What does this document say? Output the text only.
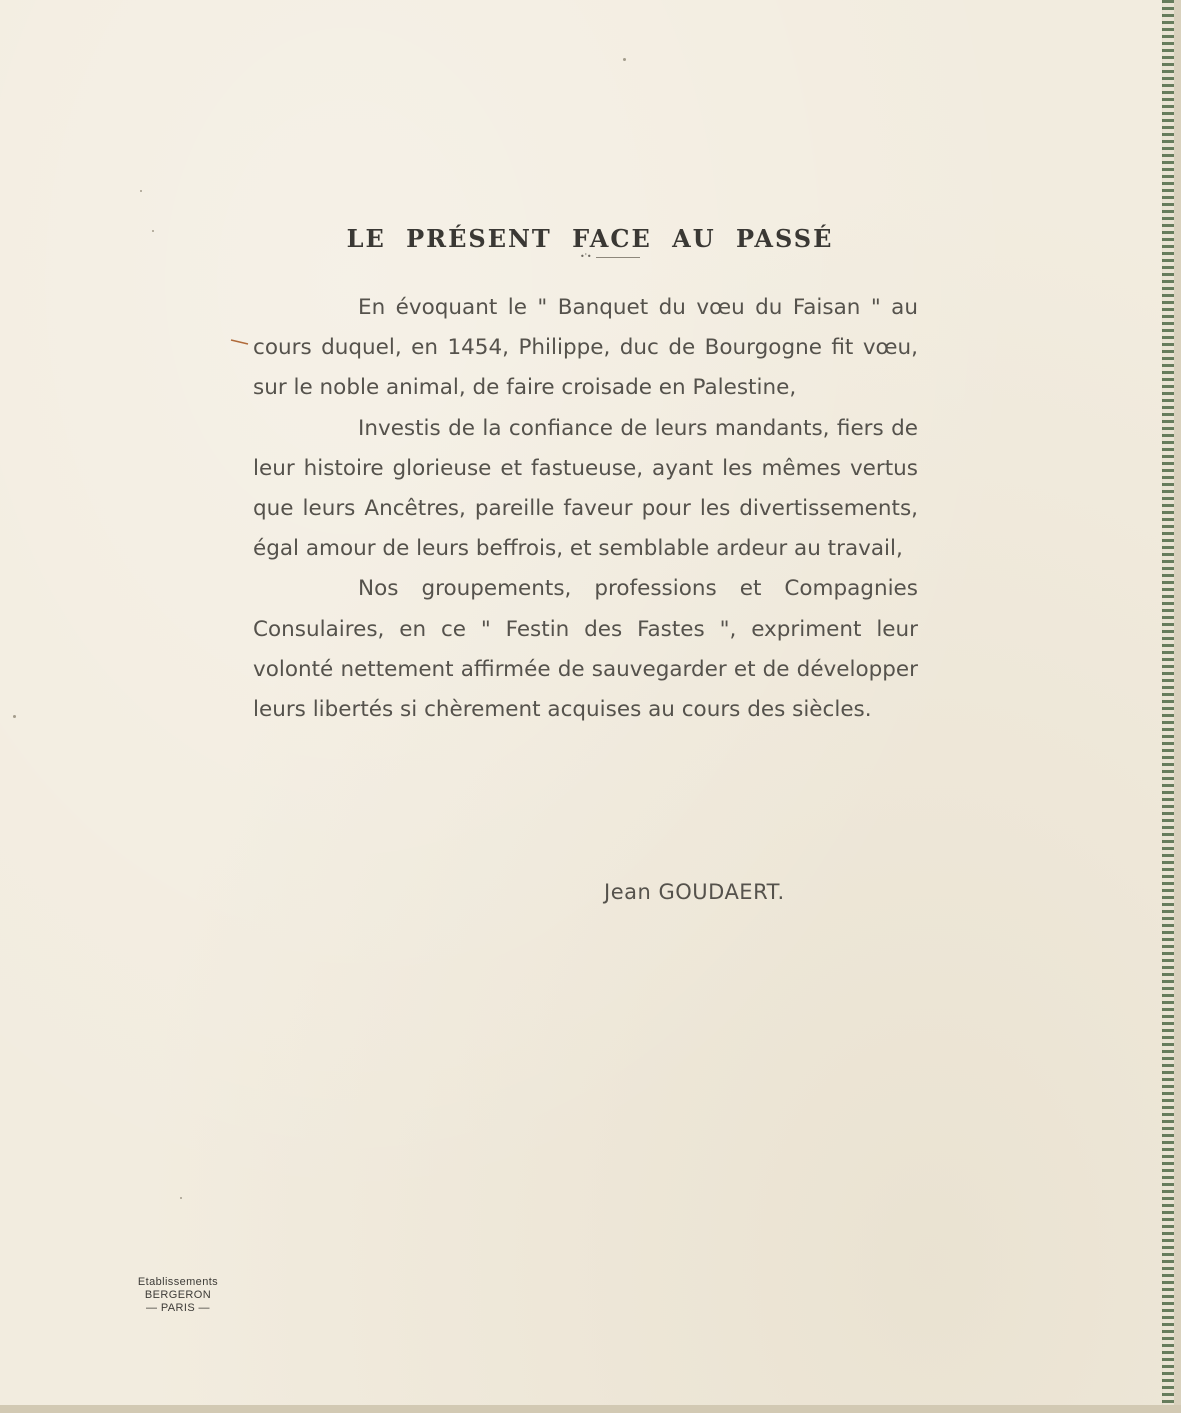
LE PRÉSENT FACE AU PASSÉ
•'•

En évoquant le " Banquet du vœu du Faisan " au cours duquel, en 1454, Philippe, duc de Bourgogne fit vœu, sur le noble animal, de faire croisade en Palestine,

Investis de la confiance de leurs mandants, fiers de leur histoire glorieuse et fastueuse, ayant les mêmes vertus que leurs Ancêtres, pareille faveur pour les divertissements, égal amour de leurs beffrois, et semblable ardeur au travail,

Nos groupements, professions et Compagnies Consulaires, en ce " Festin des Fastes ", expriment leur volonté nettement affirmée de sauvegarder et de développer leurs libertés si chèrement acquises au cours des siècles.

Jean GOUDAERT.
Etablissements
BERGERON
— PARIS —
